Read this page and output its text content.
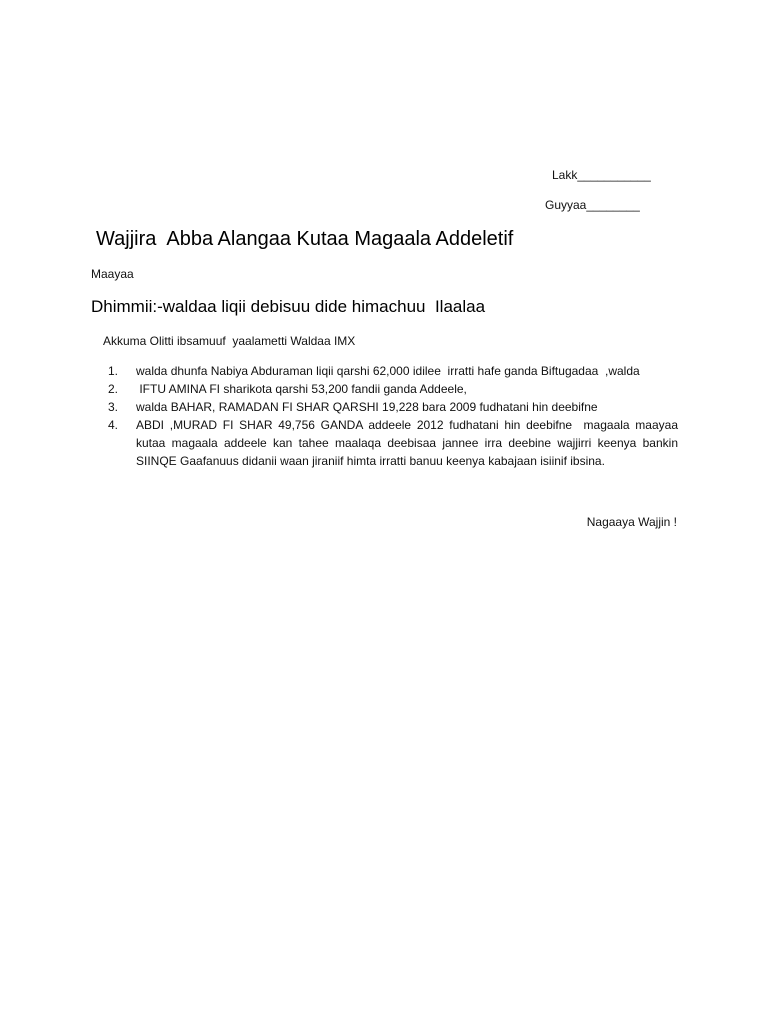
Lakk___________
Guyyaa________
Wajjira  Abba Alangaa Kutaa Magaala Addeletif
Maayaa
Dhimmii:-waldaa liqii debisuu dide himachuu  Ilaalaa
Akkuma Olitti ibsamuuf  yaalametti Waldaa IMX
1.	walda dhunfa Nabiya Abduraman liqii qarshi 62,000 idilee  irratti hafe ganda Biftugadaa  ,walda
2.	IFTU AMINA FI sharikota qarshi 53,200 fandii ganda Addeele,
3.	walda BAHAR, RAMADAN FI SHAR QARSHI 19,228 bara 2009 fudhatani hin deebifne
4.	ABDI ,MURAD FI SHAR 49,756 GANDA addeele 2012 fudhatani hin deebifne  magaala maayaa kutaa magaala addeele kan tahee maalaqa deebisaa jannee irra deebine wajjirri keenya bankin SIINQE Gaafanuus didanii waan jiraniif himta irratti banuu keenya kabajaan isiinif ibsina.
Nagaaya Wajjin !
